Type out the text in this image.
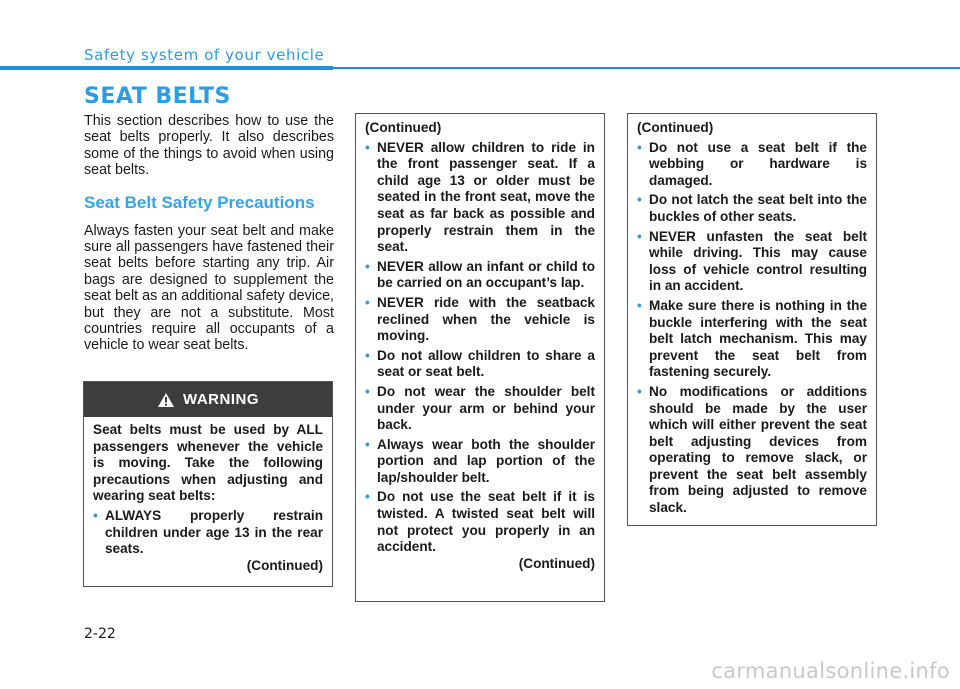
Safety system of your vehicle
SEAT BELTS

This section describes how to use the seat belts properly. It also describes some of the things to avoid when using seat belts.

Seat Belt Safety Precautions

Always fasten your seat belt and make sure all passengers have fastened their seat belts before starting any trip. Air bags are designed to supplement the seat belt as an additional safety device, but they are not a substitute. Most countries require all occupants of a vehicle to wear seat belts.

WARNING

Seat belts must be used by ALL passengers whenever the vehicle is moving. Take the following precautions when adjusting and wearing seat belts:

• ALWAYS properly restrain children under age 13 in the rear seats.

(Continued)

(Continued)

• NEVER allow children to ride in the front passenger seat. If a child age 13 or older must be seated in the front seat, move the seat as far back as possible and properly restrain them in the seat.
• NEVER allow an infant or child to be carried on an occupant’s lap.
• NEVER ride with the seatback reclined when the vehicle is moving.
• Do not allow children to share a seat or seat belt.
• Do not wear the shoulder belt under your arm or behind your back.
• Always wear both the shoulder portion and lap portion of the lap/shoulder belt.
• Do not use the seat belt if it is twisted. A twisted seat belt will not protect you properly in an accident.

(Continued)

(Continued)

• Do not use a seat belt if the webbing or hardware is damaged.
• Do not latch the seat belt into the buckles of other seats.
• NEVER unfasten the seat belt while driving. This may cause loss of vehicle control resulting in an accident.
• Make sure there is nothing in the buckle interfering with the seat belt latch mechanism. This may prevent the seat belt from fastening securely.
• No modifications or additions should be made by the user which will either prevent the seat belt adjusting devices from operating to remove slack, or prevent the seat belt assembly from being adjusted to remove slack.
2-22
carmanualsonline.info
